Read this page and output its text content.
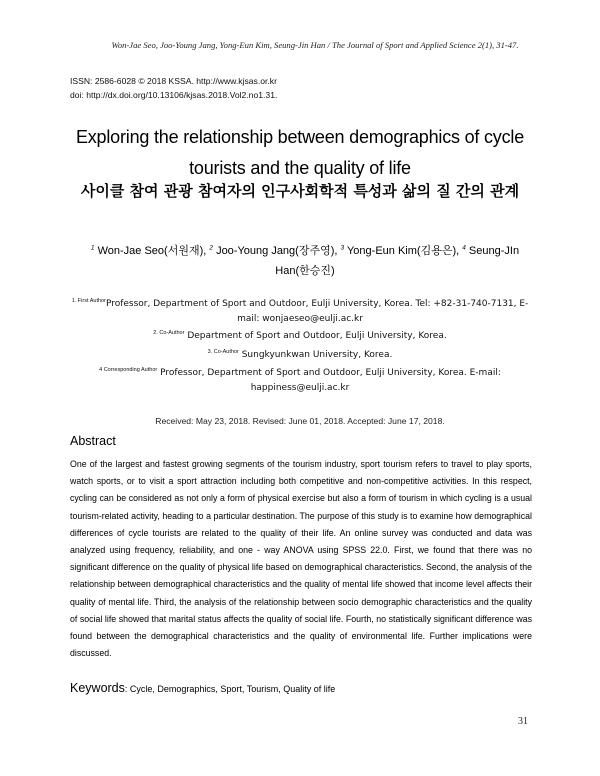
Won-Jae Seo, Joo-Young Jang, Yong-Eun Kim, Seung-Jin Han / The Journal of Sport and Applied Science 2(1), 31-47.
ISSN: 2586-6028 © 2018 KSSA. http://www.kjsas.or.kr
doi: http://dx.doi.org/10.13106/kjsas.2018.Vol2.no1.31.
Exploring the relationship between demographics of cycle
tourists and the quality of life
사이클 참여 관광 참여자의 인구사회학적 특성과 삶의 질 간의 관계
$^1$ Won-Jae Seo(서원재), $^2$ Joo-Young Jang(장주영), $^3$ Yong-Eun Kim(김용은), $^4$ Seung-JIn Han(한승진)
$^{1. First Author}$Professor, Department of Sport and Outdoor, Eulji University, Korea. Tel: +82-31-740-7131, E-mail: wonjaeseo@eulji.ac.kr
$^{2. Co-Author}$ Department of Sport and Outdoor, Eulji University, Korea.
$^{3. Co-Author}$ Sungkyunkwan University, Korea.
$^{4 Corresponding Author}$ Professor, Department of Sport and Outdoor, Eulji University, Korea. E-mail: happiness@eulji.ac.kr
Received: May 23, 2018. Revised: June 01, 2018. Accepted: June 17, 2018.
Abstract
One of the largest and fastest growing segments of the tourism industry, sport tourism refers to travel to play sports, watch sports, or to visit a sport attraction including both competitive and non-competitive activities. In this respect, cycling can be considered as not only a form of physical exercise but also a form of tourism in which cycling is a usual tourism-related activity, heading to a particular destination. The purpose of this study is to examine how demographical differences of cycle tourists are related to the quality of their life. An online survey was conducted and data was analyzed using frequency, reliability, and one - way ANOVA using SPSS 22.0. First, we found that there was no significant difference on the quality of physical life based on demographical characteristics. Second, the analysis of the relationship between demographical characteristics and the quality of mental life showed that income level affects their quality of mental life. Third, the analysis of the relationship between socio demographic characteristics and the quality of social life showed that marital status affects the quality of social life. Fourth, no statistically significant difference was found between the demographical characteristics and the quality of environmental life. Further implications were discussed.
Keywords: Cycle, Demographics, Sport, Tourism, Quality of life
31
